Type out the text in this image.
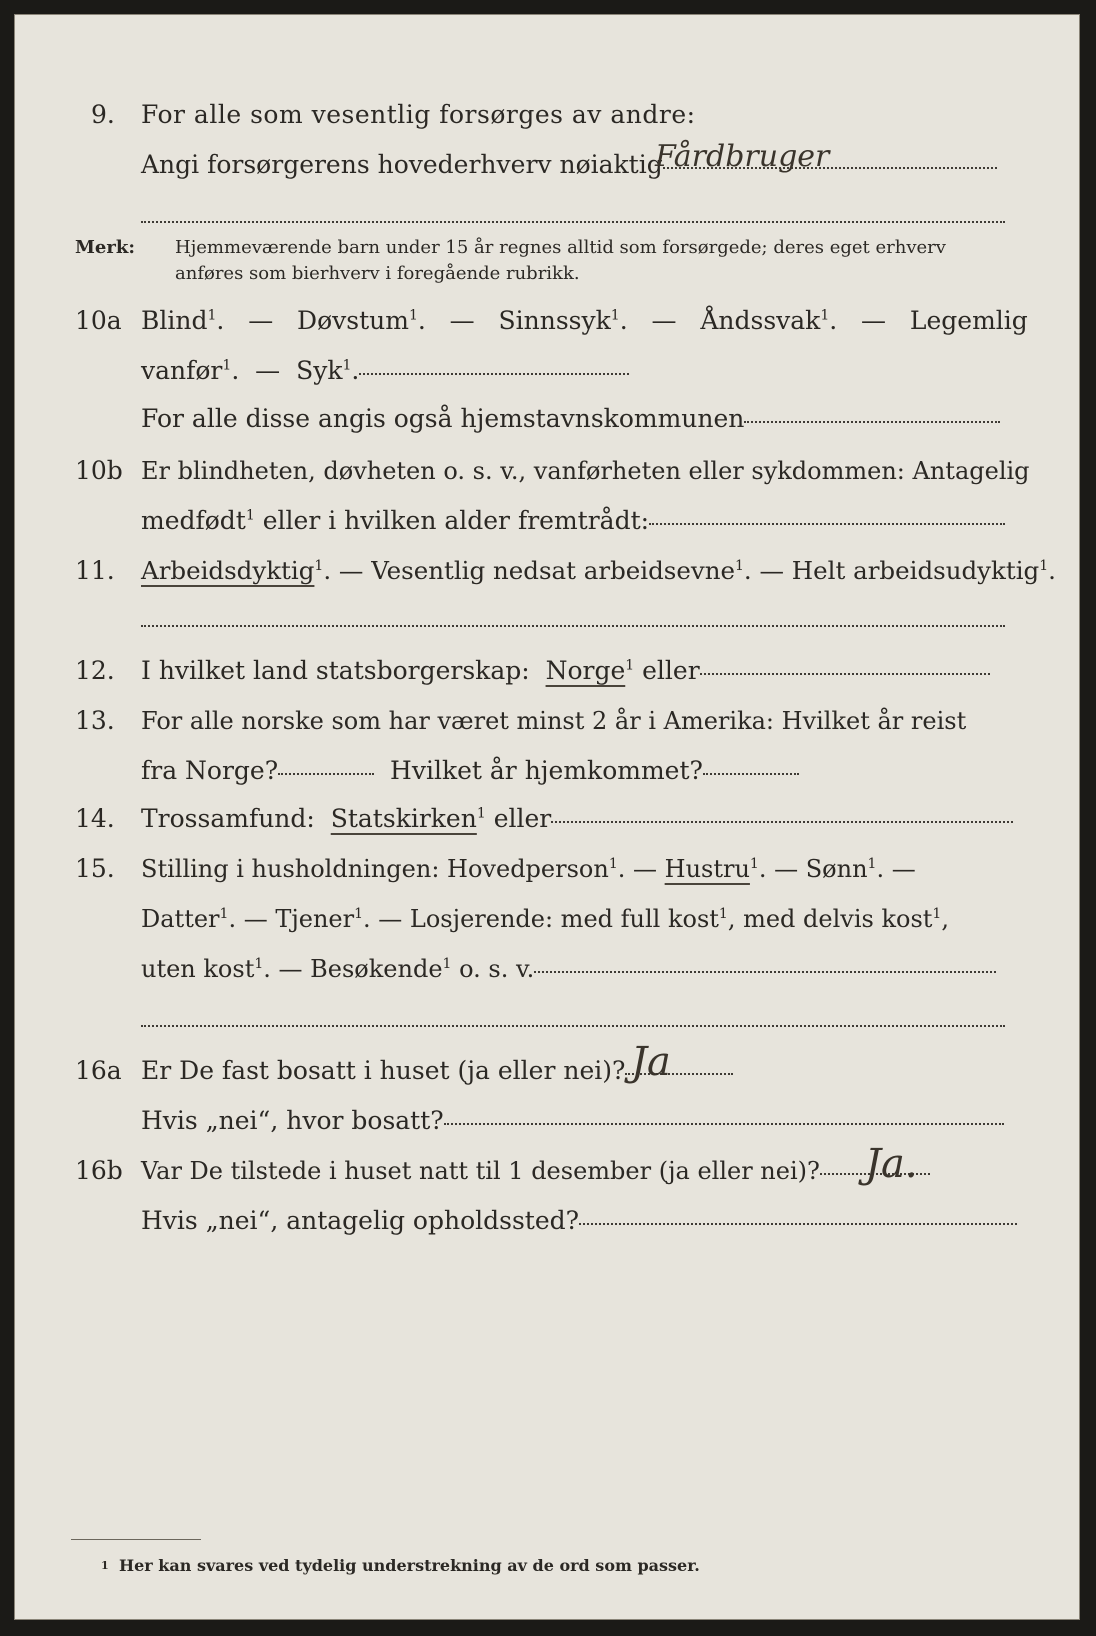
9. For alle som vesentlig forsørges av andre:
Angi forsørgerens hovederhverv nøiaktig
Fårdbruger
Merk: Hjemmeværende barn under 15 år regnes alltid som forsørgede; deres eget erhverv
anføres som bierhverv i foregående rubrikk.
10a Blind$^1$. — Døvstum$^1$. — Sinnssyk$^1$. — Åndssvak$^1$. — Legemlig
vanfør$^1$. — Syk$^1$.
For alle disse angis også hjemstavnskommunen
10b Er blindheten, døvheten o. s. v., vanførheten eller sykdommen: Antagelig
medfødt$^1$ eller i hvilken alder fremtrådt:
11. Arbeidsdyktig$^1$. — Vesentlig nedsat arbeidsevne$^1$. — Helt arbeidsudyktig$^1$.
12. I hvilket land statsborgerskap: Norge$^1$ eller
13. For alle norske som har været minst 2 år i Amerika: Hvilket år reist
fra Norge?	Hvilket år hjemkommet?
14. Trossamfund: Statskirken$^1$ eller
15. Stilling i husholdningen: Hovedperson$^1$. — Hustru$^1$. — Sønn$^1$. —
Datter$^1$. — Tjener$^1$. — Losjerende: med full kost$^1$, med delvis kost$^1$,
uten kost$^1$. — Besøkende$^1$ o. s. v.
16a Er De fast bosatt i huset (ja eller nei)? Ja
Hvis „nei“, hvor bosatt?
16b Var De tilstede i huset natt til 1 desember (ja eller nei)?	Ja.
Hvis „nei“, antagelig opholdssted?
1 Her kan svares ved tydelig understrekning av de ord som passer.
